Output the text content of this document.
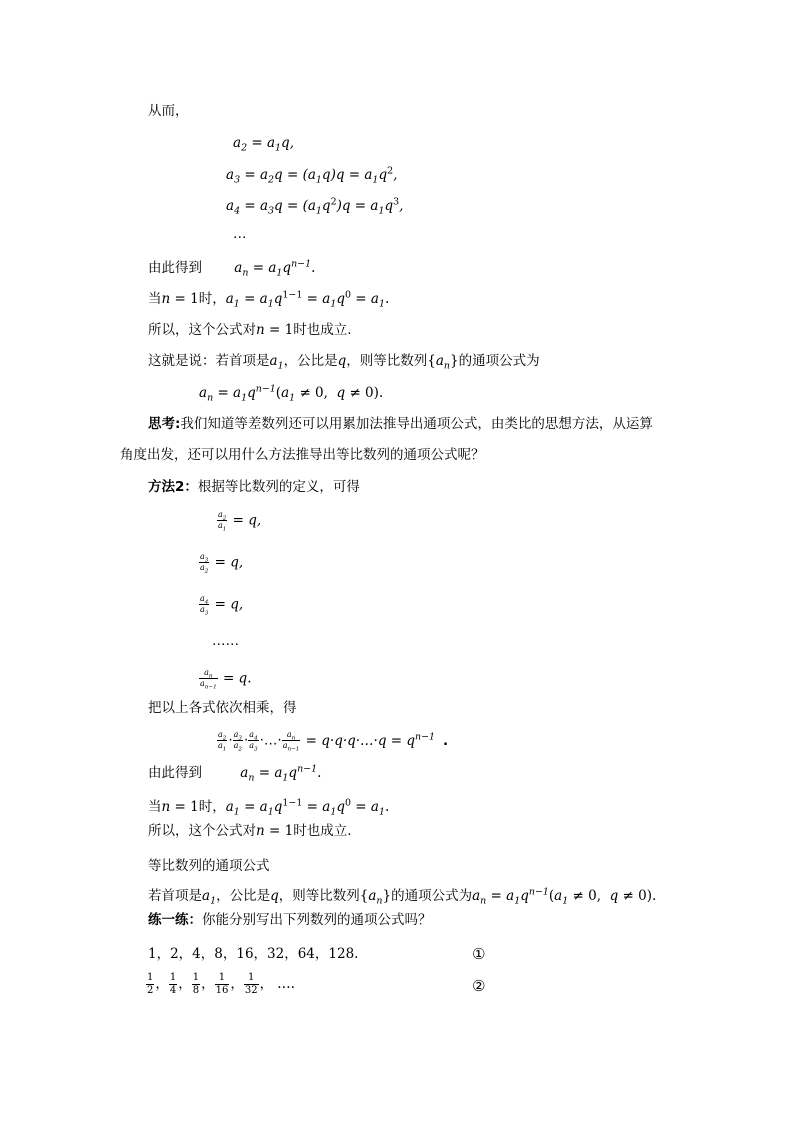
从而，
$a_2 = a_1q$,
$a_3 = a_2q = (a_1q)q = a_1q^2$,
$a_4 = a_3q = (a_1q^2)q = a_1q^3$,
…
由此得到 $a_n = a_1q^{n-1}$.
当n = 1时，$a_1 = a_1q^{1-1} = a_1q^0 = a_1$.
所以，这个公式对n = 1时也成立.
这就是说：若首项是$a_1$，公比是q，则等比数列$\{a_n\}$的通项公式为
$a_n = a_1q^{n-1}(a_1 \ne 0$,  q ≠ 0).
思考:我们知道等差数列还可以用累加法推导出通项公式，由类比的思想方法，从运算
角度出发，还可以用什么方法推导出等比数列的通项公式呢？
方法2：根据等比数列的定义，可得
$\frac{a_2}{a_1} = q$,
$\frac{a_3}{a_2} = q$,
$\frac{a_4}{a_3} = q$,
……
$\frac{a_n}{a_{n-1}} = q$.
把以上各式依次相乘，得
$\frac{a_2}{a_1} \cdot \frac{a_3}{a_2} \cdot \frac{a_4}{a_3}$ ·…· $\frac{a_n}{a_{n-1}}$ = q·q·q·…·q = $q^{n-1}$ .
由此得到	$a_n = a_1q^{n-1}$.
当n = 1时，$a_1 = a_1q^{1-1} = a_1q^0 = a_1$.
所以，这个公式对n = 1时也成立.
等比数列的通项公式
若首项是$a_1$，公比是q，则等比数列$\{a_n\}$的通项公式为$a_n = a_1q^{n-1}(a_1 \ne 0$,  q ≠ 0).
练一练：你能分别写出下列数列的通项公式吗？
1，2，4，8，16，32，64，128.	①
$\frac{1}{2}$ ， $\frac{1}{4}$ ， $\frac{1}{8}$ ， $\frac{1}{16}$ ， $\frac{1}{32}$ ， ….	②
